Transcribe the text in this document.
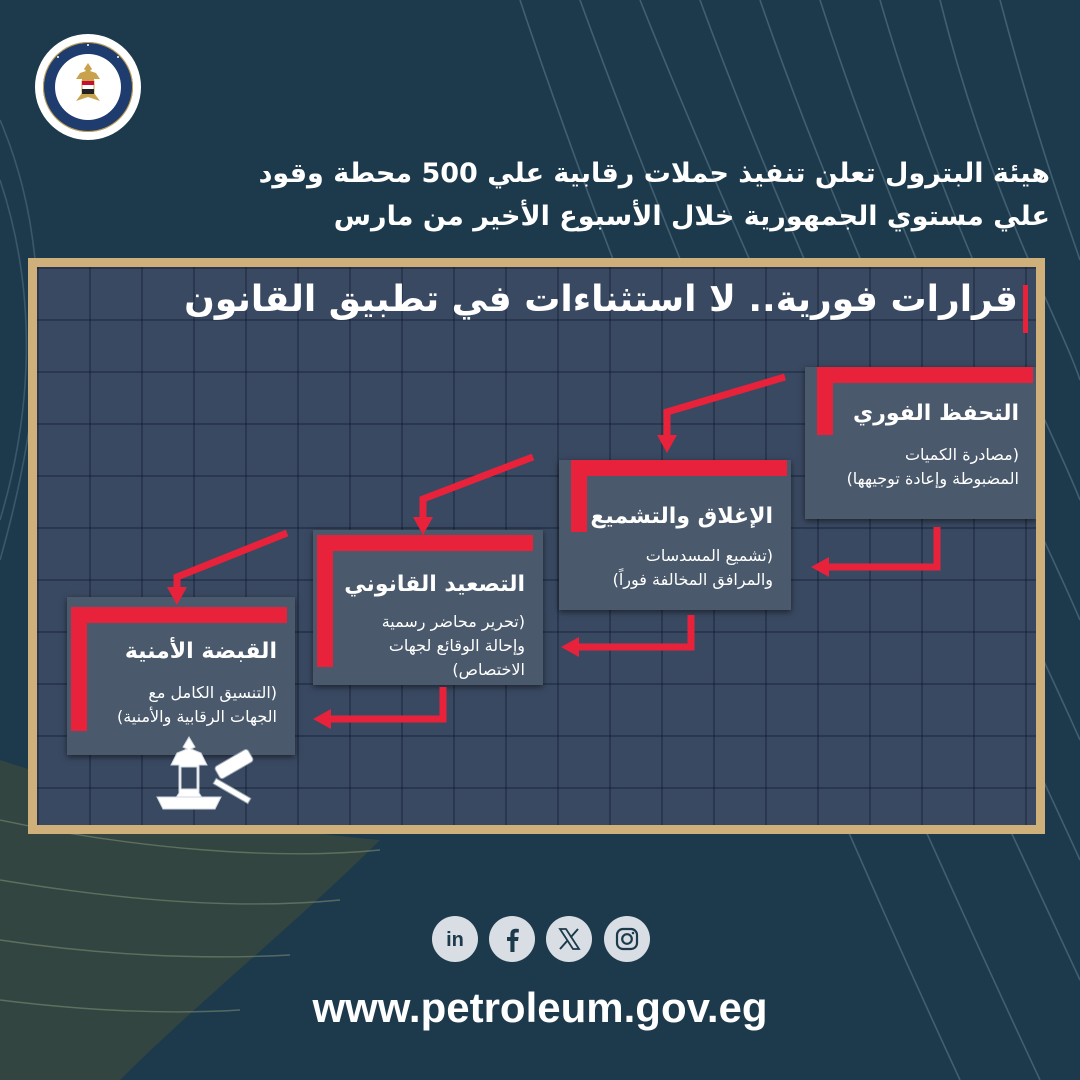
هيئة البترول تعلن تنفيذ حملات رقابية علي 500 محطة وقود
علي مستوي الجمهورية خلال الأسبوع الأخير من مارس
قرارات فورية.. لا استثناءات في تطبيق القانون
التحفظ الفوري
(مصادرة الكميات
المضبوطة وإعادة توجيهها)
الإغلاق والتشميع
(تشميع المسدسات
والمرافق المخالفة فوراً)
التصعيد القانوني
(تحرير محاضر رسمية
وإحالة الوقائع لجهات
الاختصاص)
القبضة الأمنية
(التنسيق الكامل مع
الجهات الرقابية والأمنية)
in
www.petroleum.gov.eg
